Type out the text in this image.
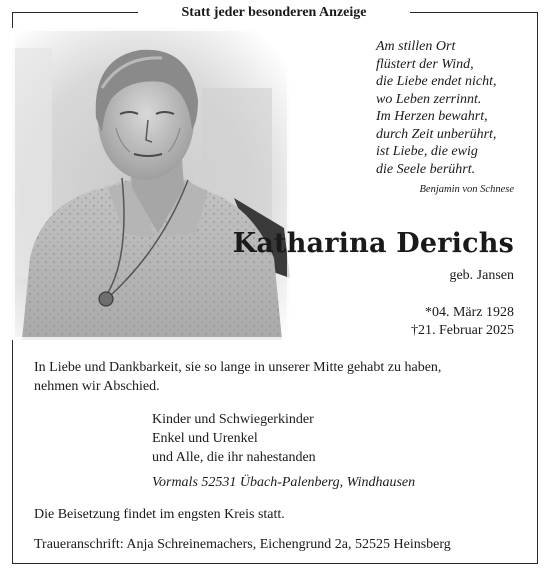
Statt jeder besonderen Anzeige
Am stillen Ort
flüstert der Wind,
die Liebe endet nicht,
wo Leben zerrinnt.
Im Herzen bewahrt,
durch Zeit unberührt,
ist Liebe, die ewig
die Seele berührt.
Benjamin von Schnese
Katharina Derichs
geb. Jansen
*04. März 1928
†21. Februar 2025
In Liebe und Dankbarkeit, sie so lange in unserer Mitte gehabt zu haben,
nehmen wir Abschied.
Kinder und Schwiegerkinder
Enkel und Urenkel
und Alle, die ihr nahestanden
Vormals 52531 Übach-Palenberg, Windhausen
Die Beisetzung findet im engsten Kreis statt.
Traueranschrift: Anja Schreinemachers, Eichengrund 2a, 52525 Heinsberg
